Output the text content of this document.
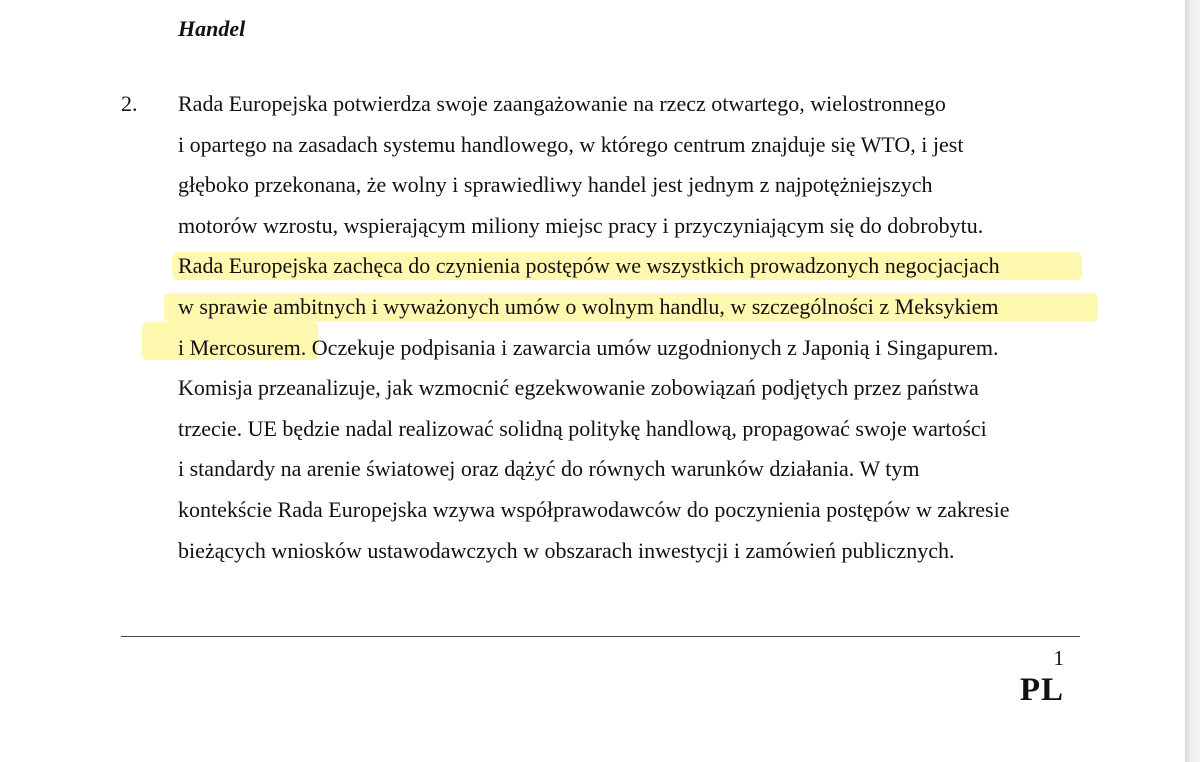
Handel
2. Rada Europejska potwierdza swoje zaangażowanie na rzecz otwartego, wielostronnego
i opartego na zasadach systemu handlowego, w którego centrum znajduje się WTO, i jest
głęboko przekonana, że wolny i sprawiedliwy handel jest jednym z najpotężniejszych
motorów wzrostu, wspierającym miliony miejsc pracy i przyczyniającym się do dobrobytu.
Rada Europejska zachęca do czynienia postępów we wszystkich prowadzonych negocjacjach
w sprawie ambitnych i wyważonych umów o wolnym handlu, w szczególności z Meksykiem
i Mercosurem. Oczekuje podpisania i zawarcia umów uzgodnionych z Japonią i Singapurem.
Komisja przeanalizuje, jak wzmocnić egzekwowanie zobowiązań podjętych przez państwa
trzecie. UE będzie nadal realizować solidną politykę handlową, propagować swoje wartości
i standardy na arenie światowej oraz dążyć do równych warunków działania. W tym
kontekście Rada Europejska wzywa współprawodawców do poczynienia postępów w zakresie
bieżących wniosków ustawodawczych w obszarach inwestycji i zamówień publicznych.
1
PL
